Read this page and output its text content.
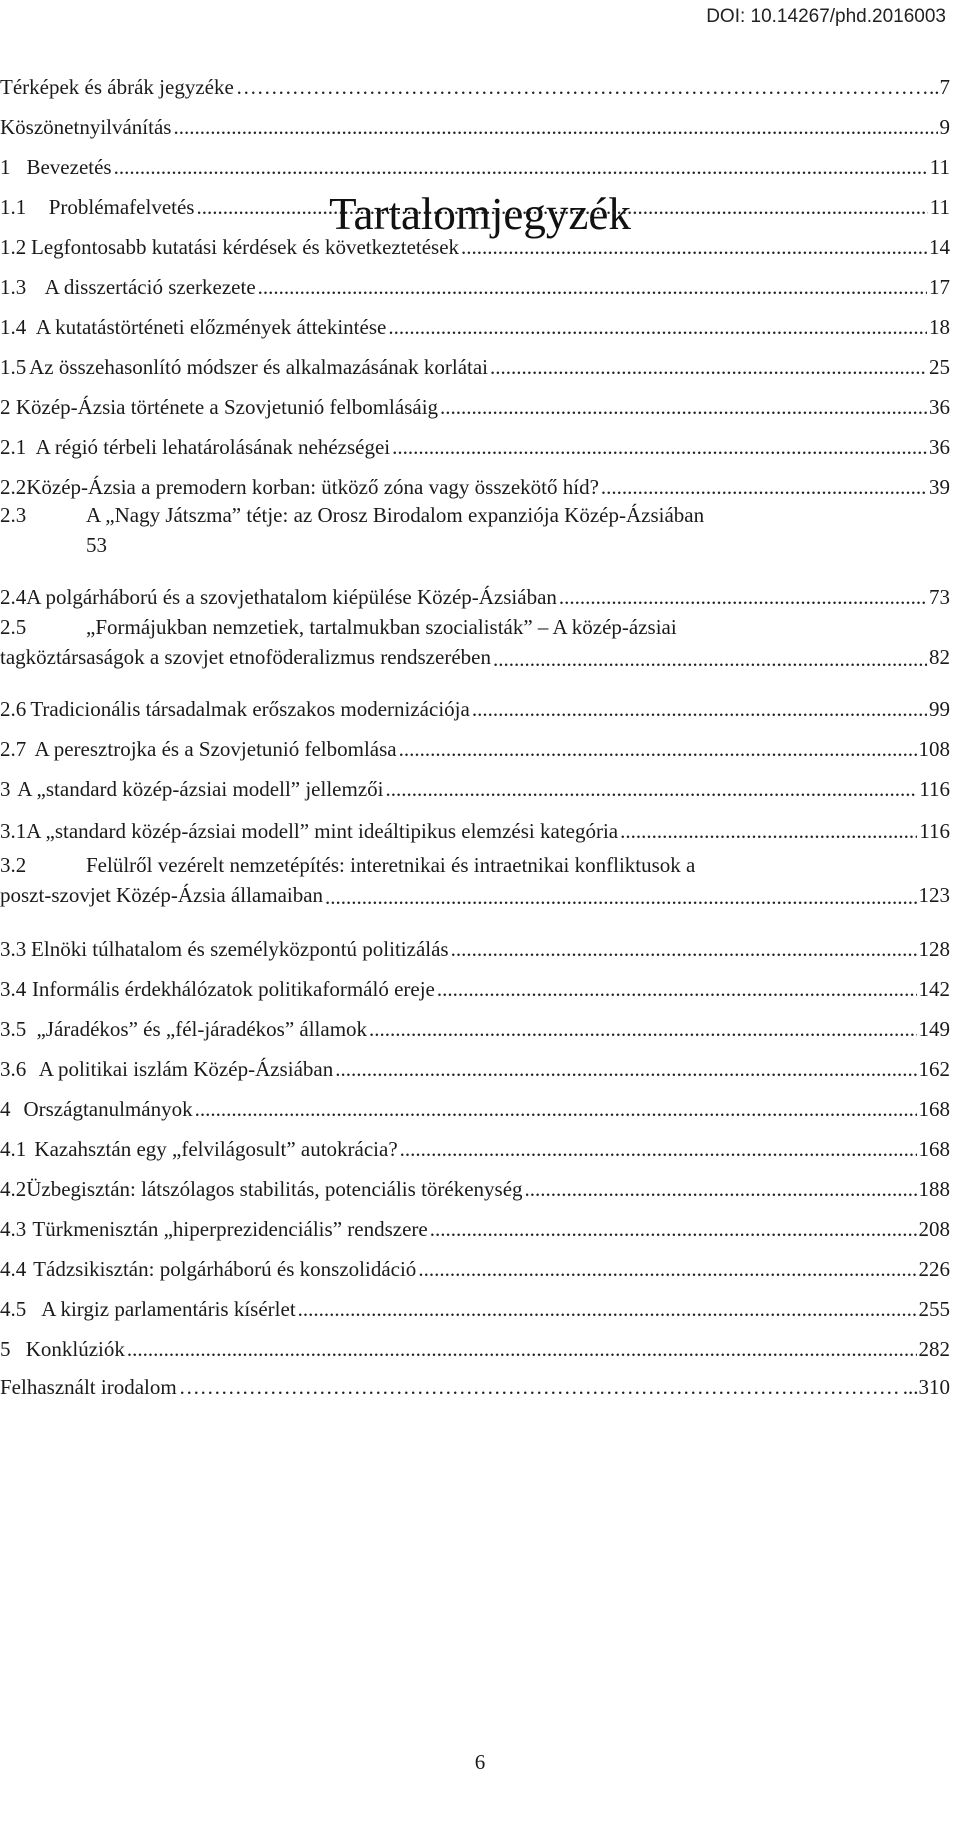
DOI: 10.14267/phd.2016003
Tartalomjegyzék
Térképek és ábrák jegyzéke ………………………………………………………………………………………………………………………………	..7
Köszönetnyilvánítás .....	9
1 Bevezetés .....	11
1.1	Problémafelvetés .....	11
1.2 Legfontosabb kutatási kérdések és következtetések .....	14
1.3 A disszertáció szerkezete .....	17
1.4 A kutatástörténeti előzmények áttekintése .....	18
1.5 Az összehasonlító módszer és alkalmazásának korlátai .....	25
2 Közép-Ázsia története a Szovjetunió felbomlásáig .....	36
2.1 A régió térbeli lehatárolásának nehézségei .....	36
2.2 Közép-Ázsia a premodern korban: ütköző zóna vagy összekötő híd? .....	39
2.3	A „Nagy Játszma” tétje: az Orosz Birodalom expanziója Közép-Ázsiában
53
2.4 A polgárháború és a szovjethatalom kiépülése Közép-Ázsiában .....	73
2.5	„Formájukban nemzetiek, tartalmukban szocialisták” – A közép-ázsiai
tagköztársaságok a szovjet etnoföderalizmus rendszerében .....	82
2.6 Tradicionális társadalmak erőszakos modernizációja .....	99
2.7 A peresztrojka és a Szovjetunió felbomlása .....	108
3 A „standard közép-ázsiai modell” jellemzői .....	116
3.1 A „standard közép-ázsiai modell” mint ideáltipikus elemzési kategória .....	116
3.2	Felülről vezérelt nemzetépítés: interetnikai és intraetnikai konfliktusok a
poszt-szovjet Közép-Ázsia államaiban .....	123
3.3 Elnöki túlhatalom és személyközpontú politizálás .....	128
3.4 Informális érdekhálózatok politikaformáló ereje .....	142
3.5 „Járadékos” és „fél-járadékos” államok .....	149
3.6 A politikai iszlám Közép-Ázsiában .....	162
4 Országtanulmányok .....	168
4.1 Kazahsztán egy „felvilágosult” autokrácia? .....	168
4.2 Üzbegisztán: látszólagos stabilitás, potenciális törékenység .....	188
4.3 Türkmenisztán „hiperprezidenciális” rendszere .....	208
4.4 Tádzsikisztán: polgárháború és konszolidáció .....	226
4.5 A kirgiz parlamentáris kísérlet .....	255
5 Konklúziók .....	282
Felhasznált irodalom ………………………………………………………………………………………………………………………………	...310
6
